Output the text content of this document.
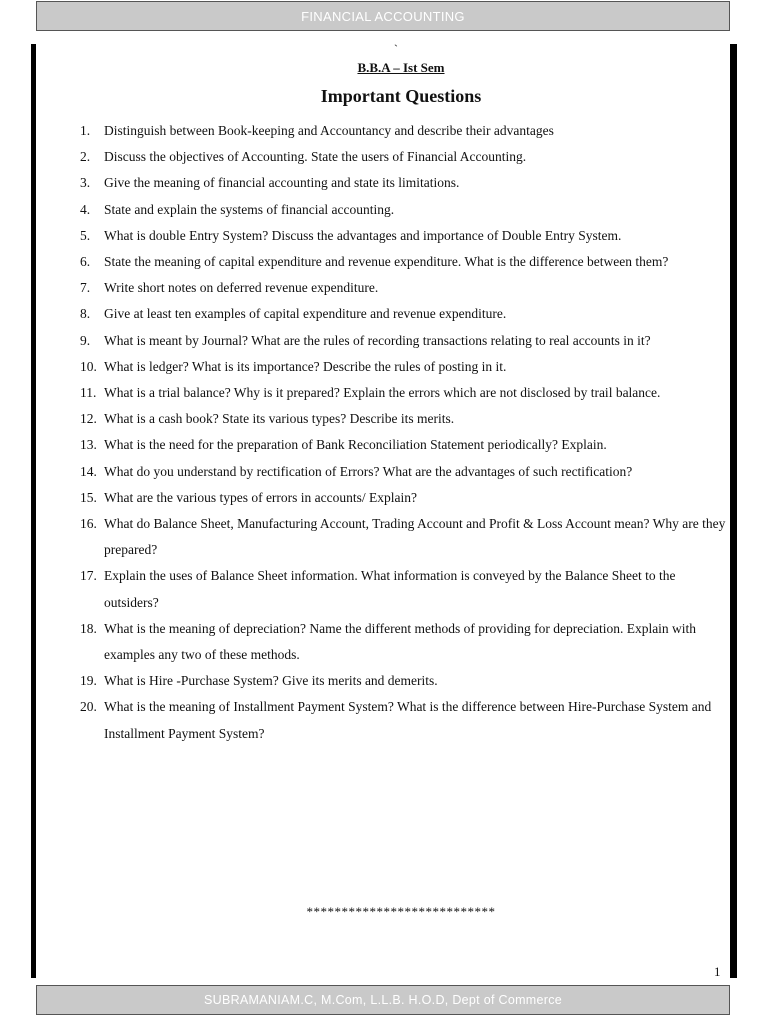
FINANCIAL ACCOUNTING
`
B.B.A – Ist Sem
Important Questions
1. Distinguish between Book-keeping and Accountancy and describe their advantages
2. Discuss the objectives of Accounting. State the users of Financial Accounting.
3. Give the meaning of financial accounting and state its limitations.
4. State and explain the systems of financial accounting.
5. What is double Entry System? Discuss the advantages and importance of Double Entry System.
6. State the meaning of capital expenditure and revenue expenditure. What is the difference between them?
7. Write short notes on deferred revenue expenditure.
8. Give at least ten examples of capital expenditure and revenue expenditure.
9. What is meant by Journal? What are the rules of recording transactions relating to real accounts in it?
10. What is ledger? What is its importance? Describe the rules of posting in it.
11. What is a trial balance? Why is it prepared? Explain the errors which are not disclosed by trail balance.
12. What is a cash book? State its various types? Describe its merits.
13. What is the need for the preparation of Bank Reconciliation Statement periodically? Explain.
14. What do you understand by rectification of Errors? What are the advantages of such rectification?
15. What are the various types of errors in accounts/ Explain?
16. What do Balance Sheet, Manufacturing Account, Trading Account and Profit & Loss Account mean? Why are they prepared?
17. Explain the uses of Balance Sheet information. What information is conveyed by the Balance Sheet to the outsiders?
18. What is the meaning of depreciation? Name the different methods of providing for depreciation. Explain with examples any two of these methods.
19. What is Hire -Purchase System? Give its merits and demerits.
20. What is the meaning of Installment Payment System? What is the difference between Hire-Purchase System and Installment Payment System?
***************************
1
SUBRAMANIAM.C, M.Com, L.L.B. H.O.D, Dept of Commerce
